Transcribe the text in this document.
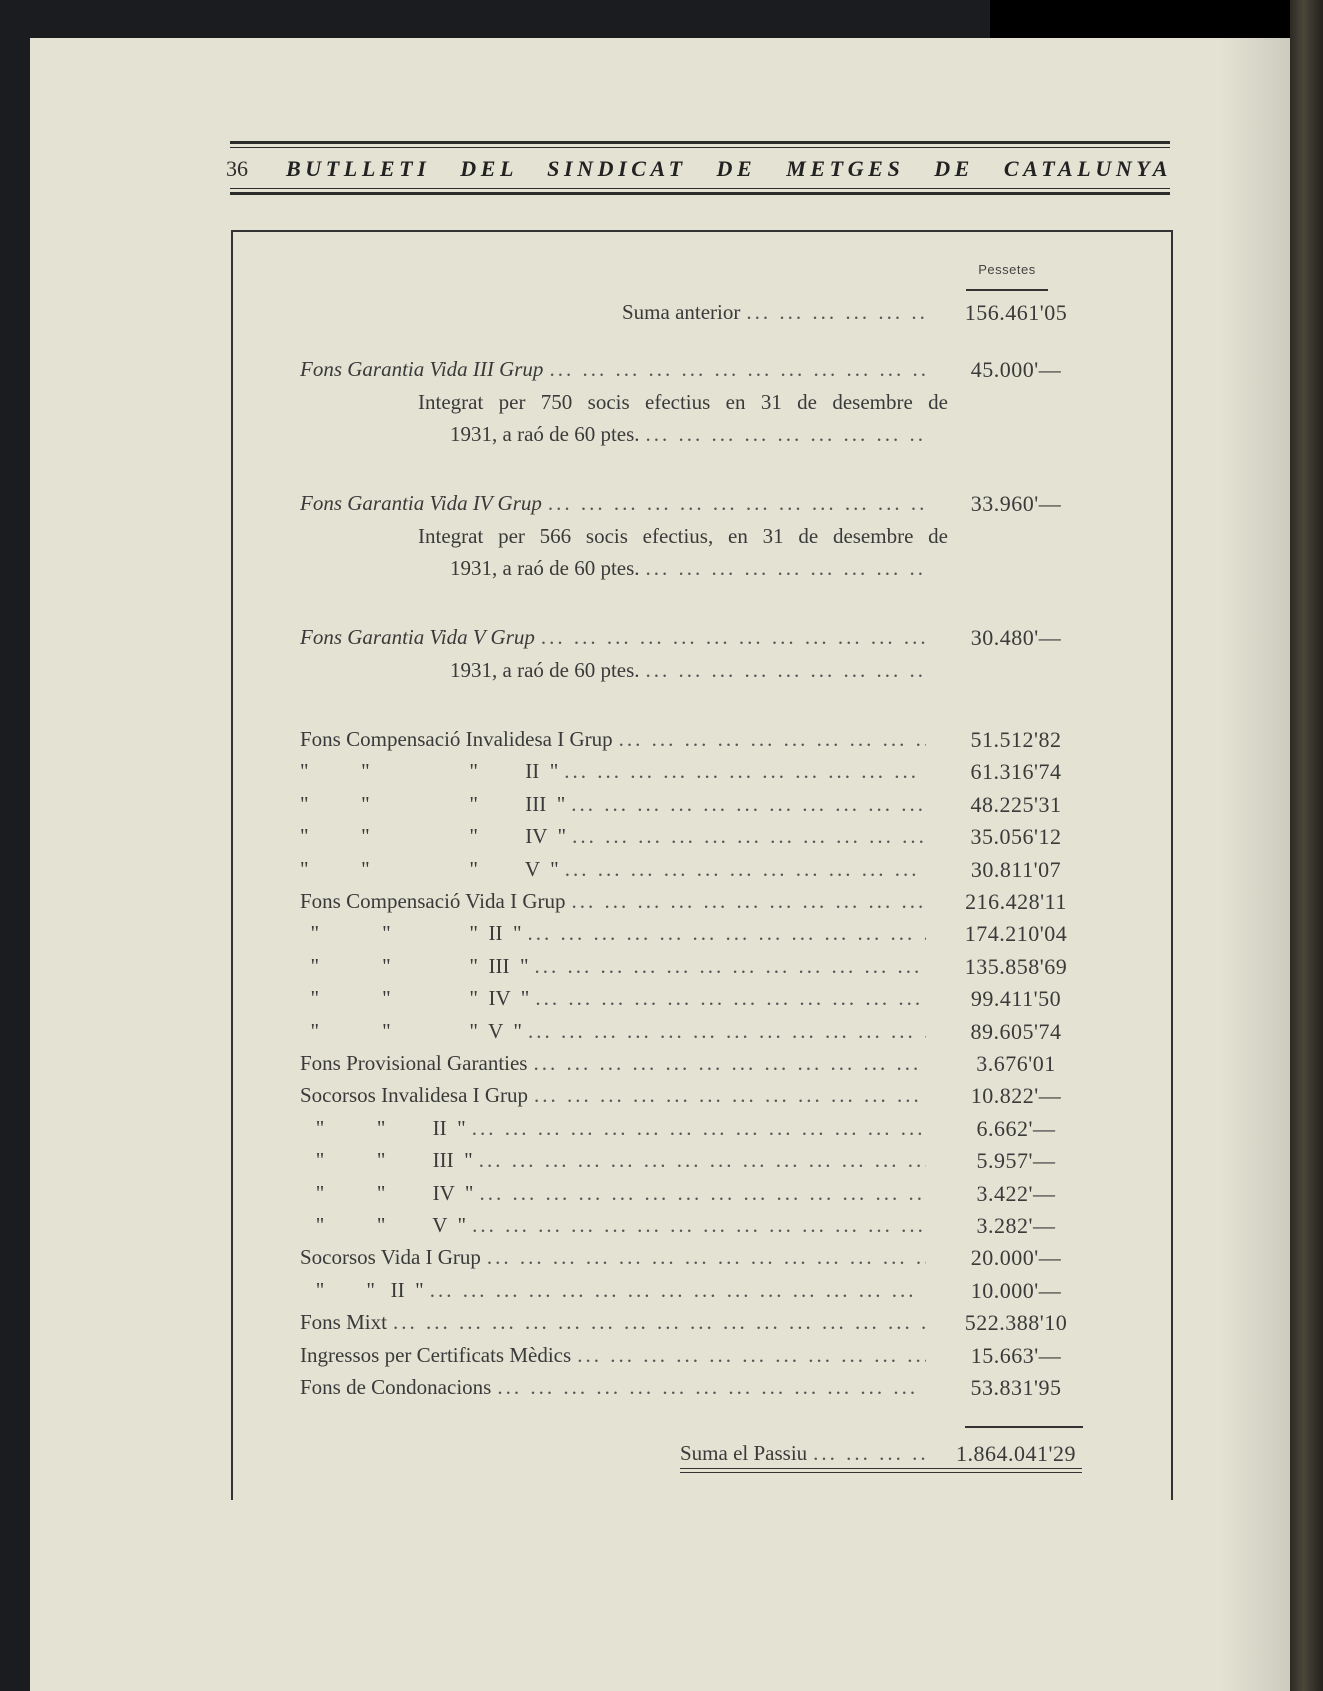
36	BUTLLETI DEL SINDICAT DE METGES DE CATALUNYA
Pessetes
Suma anterior ... .	156.461'05
Fons Garantia Vida III Grup ... .	45.000'—
Integrat per 750 socis efectius en 31 de desembre de
1931, a raó de 60 ptes.
... .
Fons Garantia Vida IV Grup ... .	33.960'—
Integrat per 566 socis efectius, en 31 de desembre de
1931, a raó de 60 ptes.
... .
Fons Garantia Vida V Grup ... .	30.480'—
1931, a raó de 60 ptes.
... .
Fons Compensació Invalidesa I Grup ... .	51.512'82
"          "                   "         II  " ... .	61.316'74
"          "                   "         III  " ... .	48.225'31
"          "                   "         IV  " ... .	35.056'12
"          "                   "         V  " ... .	30.811'07
Fons Compensació Vida I Grup ... .	216.428'11
"            "               "  II  " ... .	174.210'04
"            "               "  III  " ... .	135.858'69
"            "               "  IV  " ... .	99.411'50
"            "               "  V  " ... .	89.605'74
Fons Provisional Garanties ... .	3.676'01
Socorsos Invalidesa I Grup ... .	10.822'—
"          "         II  " ... .	6.662'—
"          "         III  " ... .	5.957'—
"          "         IV  " ... .	3.422'—
"          "         V  " ... .	3.282'—
Socorsos Vida I Grup ... .	20.000'—
"        "   II  " ... .	10.000'—
Fons Mixt ... .	522.388'10
Ingressos per Certificats Mèdics ... .	15.663'—
Fons de Condonacions ... .	53.831'95
Suma el Passiu ... .	1.864.041'29
